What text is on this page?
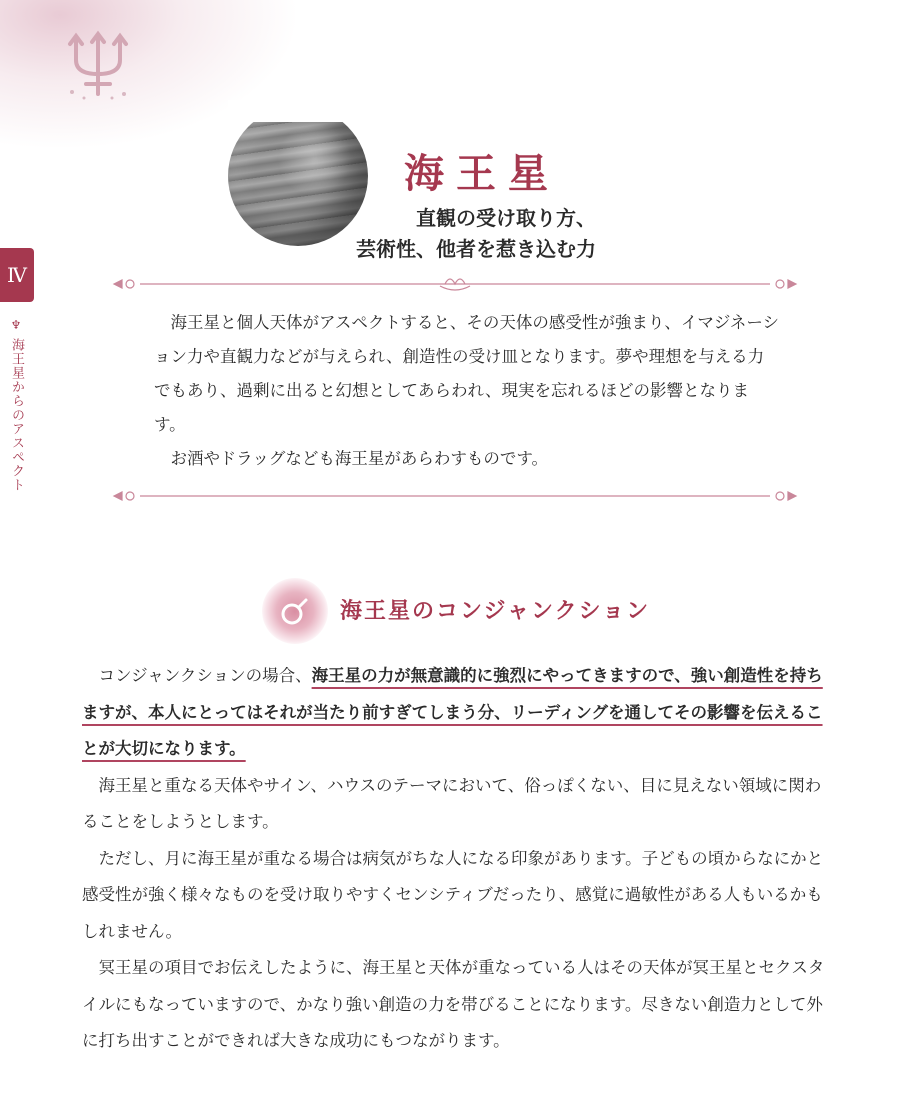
Ⅳ
♆ 海王星からのアスペクト
海王星
直観の受け取り方、
芸術性、他者を惹き込む力

海王星と個人天体がアスペクトすると、その天体の感受性が強まり、イマジネーション力や直観力などが与えられ、創造性の受け皿となります。夢や理想を与える力でもあり、過剰に出ると幻想としてあらわれ、現実を忘れるほどの影響となります。

お酒やドラッグなども海王星があらわすものです。

海王星のコンジャンクション

コンジャンクションの場合、海王星の力が無意識的に強烈にやってきますので、強い創造性を持ちますが、本人にとってはそれが当たり前すぎてしまう分、リーディングを通してその影響を伝えることが大切になります。

海王星と重なる天体やサイン、ハウスのテーマにおいて、俗っぽくない、目に見えない領域に関わることをしようとします。

ただし、月に海王星が重なる場合は病気がちな人になる印象があります。子どもの頃からなにかと感受性が強く様々なものを受け取りやすくセンシティブだったり、感覚に過敏性がある人もいるかもしれません。

冥王星の項目でお伝えしたように、海王星と天体が重なっている人はその天体が冥王星とセクスタイルにもなっていますので、かなり強い創造の力を帯びることになります。尽きない創造力として外に打ち出すことができれば大きな成功にもつながります。
